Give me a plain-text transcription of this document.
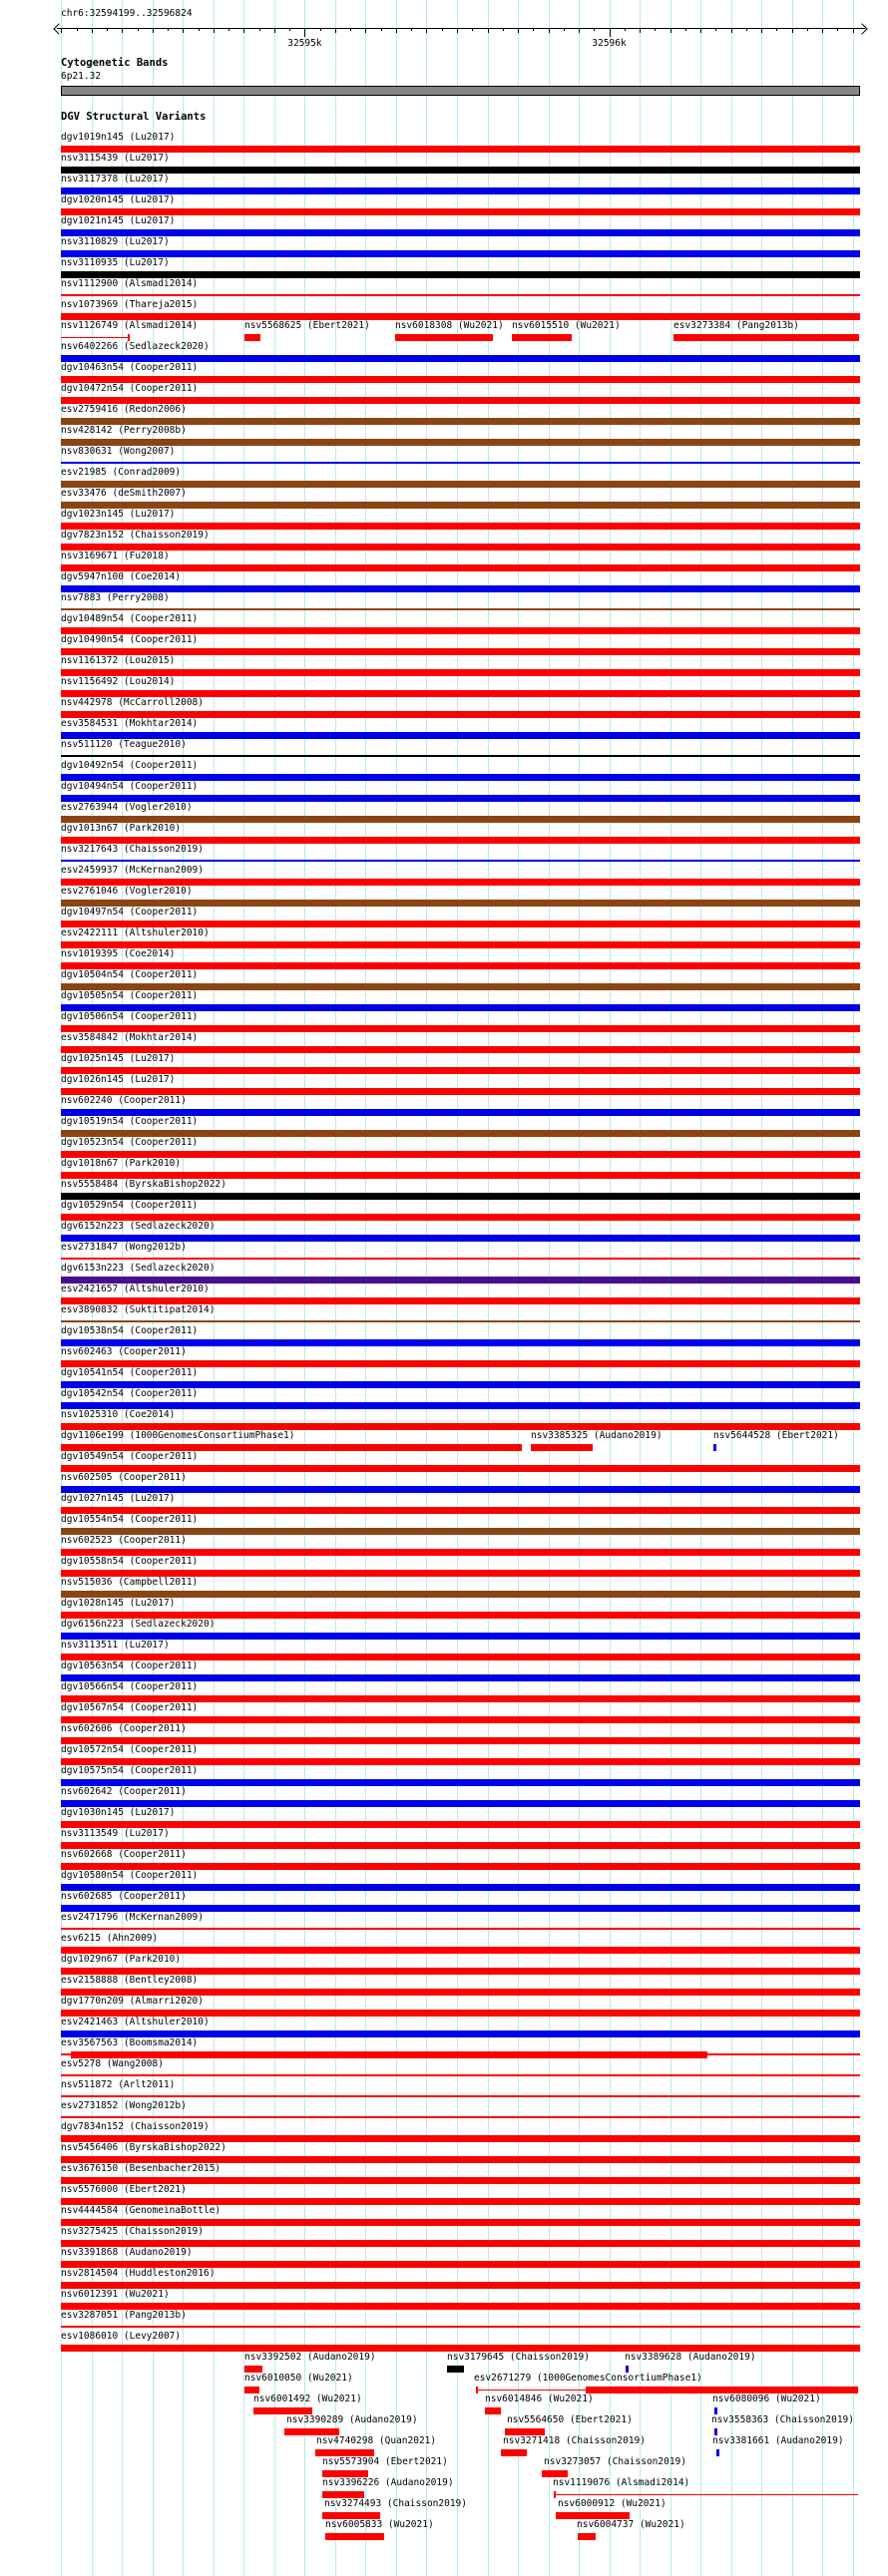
chr6:32594199..32596824
32595k	32596k
Cytogenetic Bands
6p21.32
DGV Structural Variants
dgv1019n145 (Lu2017)
nsv3115439 (Lu2017)
nsv3117378 (Lu2017)
dgv1020n145 (Lu2017)
dgv1021n145 (Lu2017)
nsv3110829 (Lu2017)
nsv3110935 (Lu2017)
nsv1112900 (Alsmadi2014)
nsv1073969 (Thareja2015)
nsv1126749 (Alsmadi2014)	nsv5568625 (Ebert2021)	nsv6018308 (Wu2021) nsv6015510 (Wu2021)	esv3273384 (Pang2013b)
nsv6402266 (Sedlazeck2020)
dgv10463n54 (Cooper2011)
dgv10472n54 (Cooper2011)
esv2759416 (Redon2006)
nsv428142 (Perry2008b)
nsv830631 (Wong2007)
esv21985 (Conrad2009)
esv33476 (deSmith2007)
dgv1023n145 (Lu2017)
dgv7823n152 (Chaisson2019)
nsv3169671 (Fu2018)
dgv5947n100 (Coe2014)
nsv7883 (Perry2008)
dgv10489n54 (Cooper2011)
dgv10490n54 (Cooper2011)
nsv1161372 (Lou2015)
nsv1156492 (Lou2014)
nsv442978 (McCarroll2008)
esv3584531 (Mokhtar2014)
nsv511120 (Teague2010)
dgv10492n54 (Cooper2011)
dgv10494n54 (Cooper2011)
esv2763944 (Vogler2010)
dgv1013n67 (Park2010)
nsv3217643 (Chaisson2019)
esv2459937 (McKernan2009)
esv2761046 (Vogler2010)
dgv10497n54 (Cooper2011)
esv2422111 (Altshuler2010)
nsv1019395 (Coe2014)
dgv10504n54 (Cooper2011)
dgv10505n54 (Cooper2011)
dgv10506n54 (Cooper2011)
esv3584842 (Mokhtar2014)
dgv1025n145 (Lu2017)
dgv1026n145 (Lu2017)
nsv602240 (Cooper2011)
dgv10519n54 (Cooper2011)
dgv10523n54 (Cooper2011)
dgv1018n67 (Park2010)
nsv5558484 (ByrskaBishop2022)
dgv10529n54 (Cooper2011)
dgv6152n223 (Sedlazeck2020)
esv2731847 (Wong2012b)
dgv6153n223 (Sedlazeck2020)
esv2421657 (Altshuler2010)
esv3890832 (Suktitipat2014)
dgv10538n54 (Cooper2011)
nsv602463 (Cooper2011)
dgv10541n54 (Cooper2011)
dgv10542n54 (Cooper2011)
nsv1025310 (Coe2014)
dgv1106e199 (1000GenomesConsortiumPhase1)	nsv3385325 (Audano2019)	nsv5644528 (Ebert2021)
dgv10549n54 (Cooper2011)
nsv602505 (Cooper2011)
dgv1027n145 (Lu2017)
dgv10554n54 (Cooper2011)
nsv602523 (Cooper2011)
dgv10558n54 (Cooper2011)
nsv515036 (Campbell2011)
dgv1028n145 (Lu2017)
dgv6156n223 (Sedlazeck2020)
nsv3113511 (Lu2017)
dgv10563n54 (Cooper2011)
dgv10566n54 (Cooper2011)
dgv10567n54 (Cooper2011)
nsv602606 (Cooper2011)
dgv10572n54 (Cooper2011)
dgv10575n54 (Cooper2011)
nsv602642 (Cooper2011)
dgv1030n145 (Lu2017)
nsv3113549 (Lu2017)
nsv602668 (Cooper2011)
dgv10580n54 (Cooper2011)
nsv602685 (Cooper2011)
esv2471796 (McKernan2009)
esv6215 (Ahn2009)
dgv1029n67 (Park2010)
esv2158888 (Bentley2008)
dgv1770n209 (Almarri2020)
esv2421463 (Altshuler2010)
esv3567563 (Boomsma2014)
esv5278 (Wang2008)
nsv511872 (Arlt2011)
esv2731852 (Wong2012b)
dgv7834n152 (Chaisson2019)
nsv5456406 (ByrskaBishop2022)
esv3676150 (Besenbacher2015)
nsv5576000 (Ebert2021)
nsv4444584 (GenomeinaBottle)
nsv3275425 (Chaisson2019)
nsv3391868 (Audano2019)
nsv2814504 (Huddleston2016)
nsv6012391 (Wu2021)
esv3287051 (Pang2013b)
esv1086010 (Levy2007)
nsv3392502 (Audano2019)	nsv3179645 (Chaisson2019)	nsv3389628 (Audano2019)
nsv6010050 (Wu2021)	esv2671279 (1000GenomesConsortiumPhase1)
nsv6001492 (Wu2021)	nsv6014846 (Wu2021)	nsv6080096 (Wu2021)
nsv3390289 (Audano2019)	nsv5564650 (Ebert2021)	nsv3558363 (Chaisson2019)
nsv4740298 (Quan2021)	nsv3271418 (Chaisson2019)	nsv3381661 (Audano2019)
nsv5573904 (Ebert2021)	nsv3273057 (Chaisson2019)
nsv3396226 (Audano2019)	nsv1119076 (Alsmadi2014)
nsv3274493 (Chaisson2019)	nsv6000912 (Wu2021)
nsv6005833 (Wu2021)	nsv6004737 (Wu2021)
